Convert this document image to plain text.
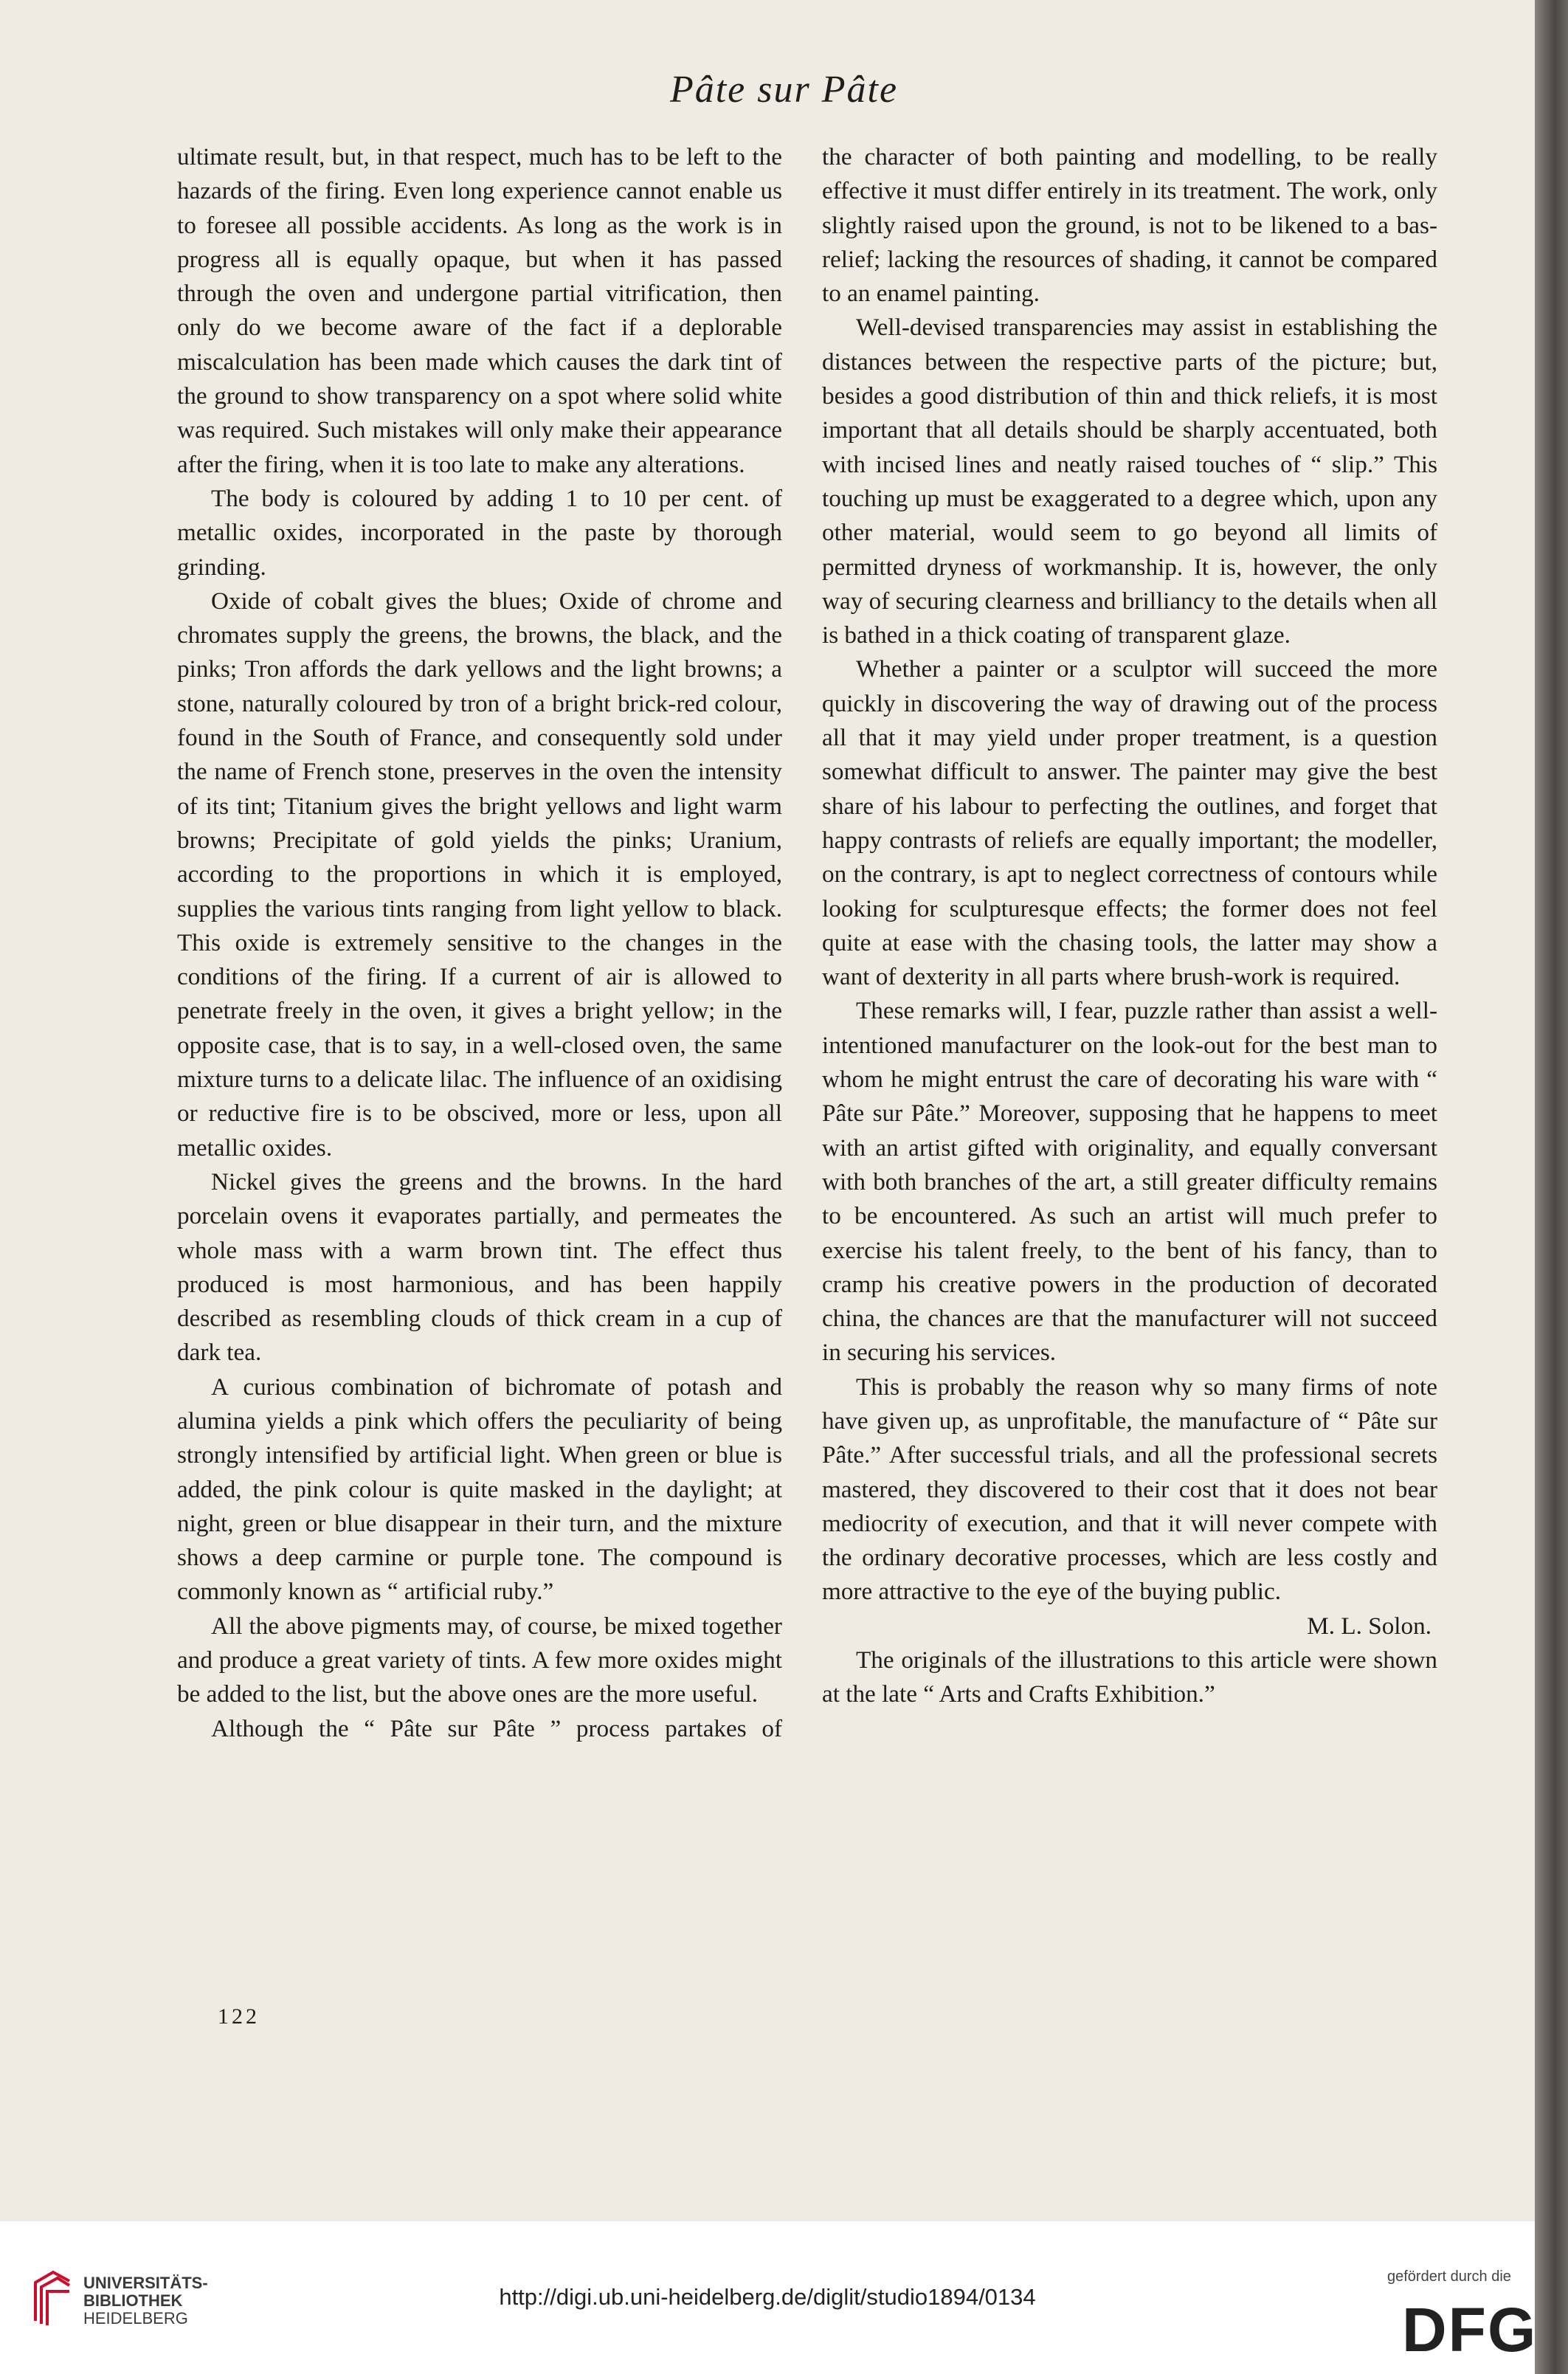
Pâte sur Pâte

ultimate result, but, in that respect, much has to be left to the hazards of the firing. Even long experience cannot enable us to foresee all possible accidents. As long as the work is in progress all is equally opaque, but when it has passed through the oven and undergone partial vitrification, then only do we become aware of the fact if a deplorable miscalculation has been made which causes the dark tint of the ground to show transparency on a spot where solid white was required. Such mistakes will only make their appearance after the firing, when it is too late to make any alterations.

The body is coloured by adding 1 to 10 per cent. of metallic oxides, incorporated in the paste by thorough grinding.

Oxide of cobalt gives the blues; Oxide of chrome and chromates supply the greens, the browns, the black, and the pinks; Tron affords the dark yellows and the light browns; a stone, naturally coloured by tron of a bright brick-red colour, found in the South of France, and consequently sold under the name of French stone, preserves in the oven the intensity of its tint; Titanium gives the bright yellows and light warm browns; Precipitate of gold yields the pinks; Uranium, according to the proportions in which it is employed, supplies the various tints ranging from light yellow to black. This oxide is extremely sensitive to the changes in the conditions of the firing. If a current of air is allowed to penetrate freely in the oven, it gives a bright yellow; in the opposite case, that is to say, in a well-closed oven, the same mixture turns to a delicate lilac. The influence of an oxidising or reductive fire is to be obscived, more or less, upon all metallic oxides.

Nickel gives the greens and the browns. In the hard porcelain ovens it evaporates partially, and permeates the whole mass with a warm brown tint. The effect thus produced is most harmonious, and has been happily described as resembling clouds of thick cream in a cup of dark tea.

A curious combination of bichromate of potash and alumina yields a pink which offers the peculiarity of being strongly intensified by artificial light. When green or blue is added, the pink colour is quite masked in the daylight; at night, green or blue disappear in their turn, and the mixture shows a deep carmine or purple tone. The compound is commonly known as “ artificial ruby.”

All the above pigments may, of course, be mixed together and produce a great variety of tints. A few more oxides might be added to the list, but the above ones are the more useful.

Although the “ Pâte sur Pâte ” process partakes of

the character of both painting and modelling, to be really effective it must differ entirely in its treatment. The work, only slightly raised upon the ground, is not to be likened to a bas-relief; lacking the resources of shading, it cannot be compared to an enamel painting.

Well-devised transparencies may assist in establishing the distances between the respective parts of the picture; but, besides a good distribution of thin and thick reliefs, it is most important that all details should be sharply accentuated, both with incised lines and neatly raised touches of “ slip.” This touching up must be exaggerated to a degree which, upon any other material, would seem to go beyond all limits of permitted dryness of workmanship. It is, however, the only way of securing clearness and brilliancy to the details when all is bathed in a thick coating of transparent glaze.

Whether a painter or a sculptor will succeed the more quickly in discovering the way of drawing out of the process all that it may yield under proper treatment, is a question somewhat difficult to answer. The painter may give the best share of his labour to perfecting the outlines, and forget that happy contrasts of reliefs are equally important; the modeller, on the contrary, is apt to neglect correctness of contours while looking for sculpturesque effects; the former does not feel quite at ease with the chasing tools, the latter may show a want of dexterity in all parts where brush-work is required.

These remarks will, I fear, puzzle rather than assist a well-intentioned manufacturer on the look-out for the best man to whom he might entrust the care of decorating his ware with “ Pâte sur Pâte.” Moreover, supposing that he happens to meet with an artist gifted with originality, and equally conversant with both branches of the art, a still greater difficulty remains to be encountered. As such an artist will much prefer to exercise his talent freely, to the bent of his fancy, than to cramp his creative powers in the production of decorated china, the chances are that the manufacturer will not succeed in securing his services.

This is probably the reason why so many firms of note have given up, as unprofitable, the manufacture of “ Pâte sur Pâte.” After successful trials, and all the professional secrets mastered, they discovered to their cost that it does not bear mediocrity of execution, and that it will never compete with the ordinary decorative processes, which are less costly and more attractive to the eye of the buying public.

M. L. Solon.

The originals of the illustrations to this article were shown at the late “ Arts and Crafts Exhibition.”

122
UNIVERSITÄTS-
BIBLIOTHEK
HEIDELBERG
http://digi.ub.uni-heidelberg.de/diglit/studio1894/0134
gefördert durch die
DFG
